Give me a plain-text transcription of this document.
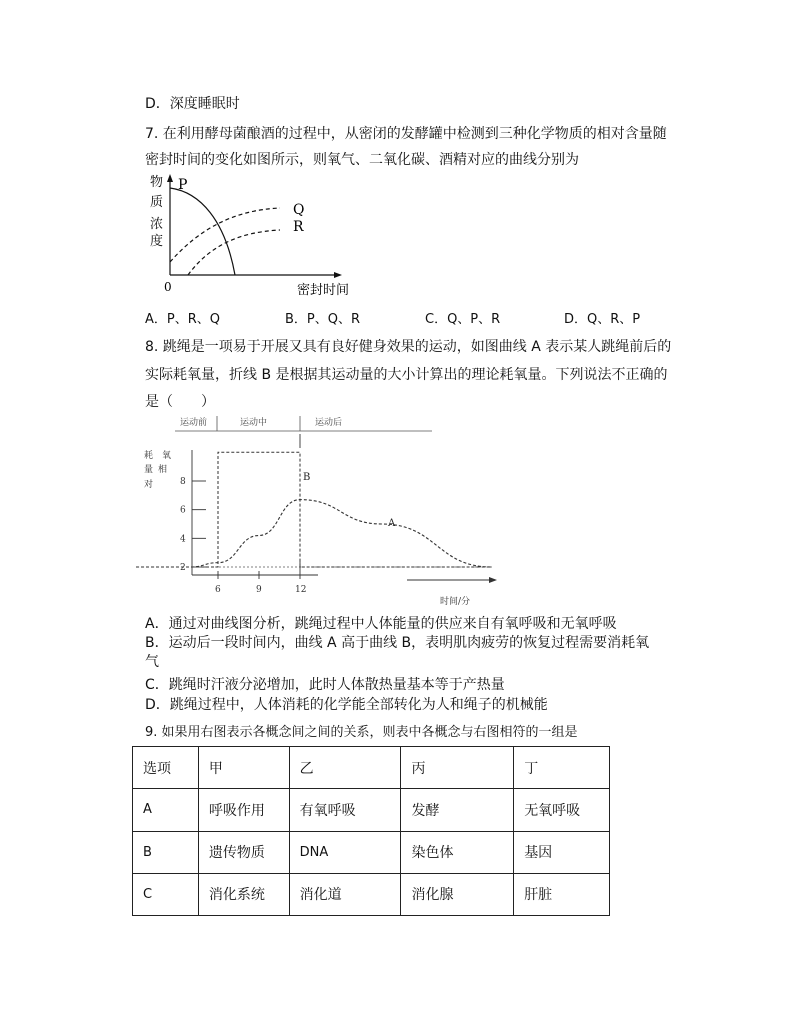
D．深度睡眠时
7. 在利用酵母菌酿酒的过程中，从密闭的发酵罐中检测到三种化学物质的相对含量随
密封时间的变化如图所示，则氧气、二氧化碳、酒精对应的曲线分别为
物
质
浓
度
P
Q
R
0	密封时间
A．P、R、Q	B．P、Q、R	C．Q、P、R	D．Q、R、P
8. 跳绳是一项易于开展又具有良好健身效果的运动，如图曲线 A 表示某人跳绳前后的
实际耗氧量，折线 B 是根据其运动量的大小计算出的理论耗氧量。下列说法不正确的
是（　　）
运动前	运动中	运动后
耗 氧
量 相
对
2
4
6
8
6	9	12
时间/分
B
A
A．通过对曲线图分析，跳绳过程中人体能量的供应来自有氧呼吸和无氧呼吸
B．运动后一段时间内，曲线 A 高于曲线 B，表明肌肉疲劳的恢复过程需要消耗氧
气
C．跳绳时汗液分泌增加，此时人体散热量基本等于产热量
D．跳绳过程中，人体消耗的化学能全部转化为人和绳子的机械能
9. 如果用右图表示各概念间之间的关系，则表中各概念与右图相符的一组是
选项	甲	乙	丙	丁
A	呼吸作用	有氧呼吸	发酵	无氧呼吸
B	遗传物质	DNA	染色体	基因
C	消化系统	消化道	消化腺	肝脏
